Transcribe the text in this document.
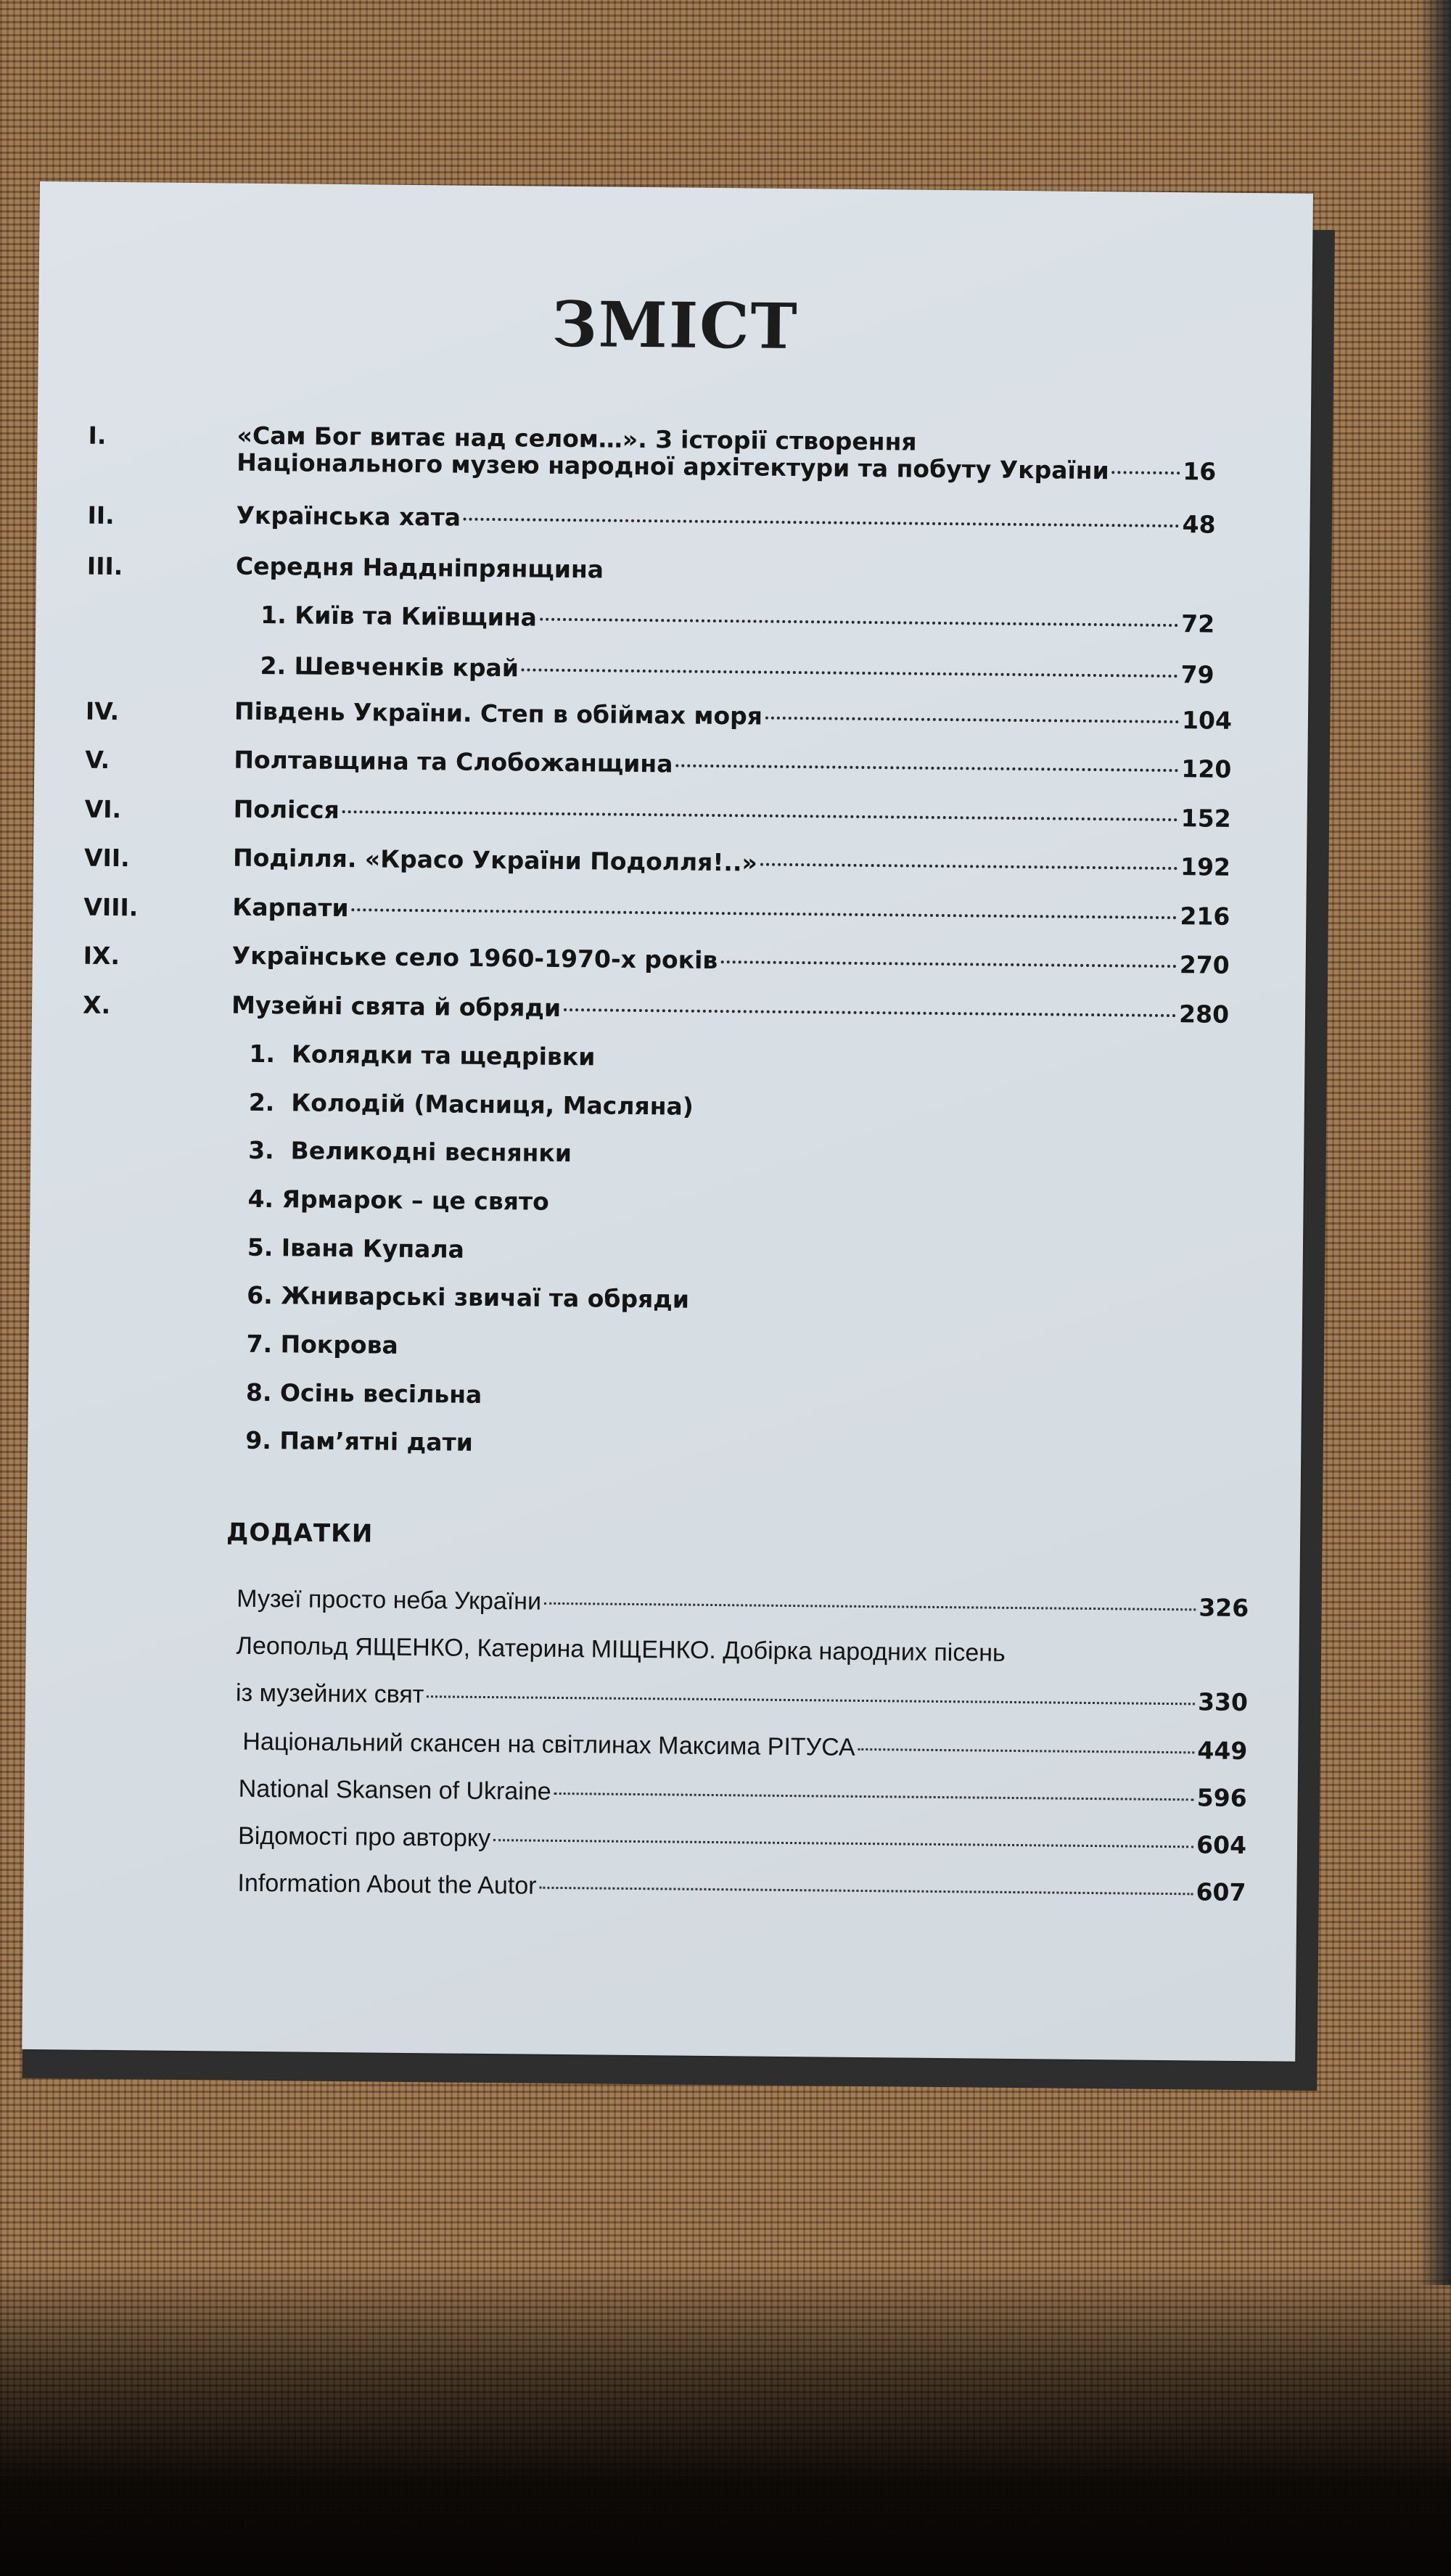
ЗМІСТ
I.	«Сам Бог витає над селом…». З історії створення
Національного музею народної архітектури та побуту України	16
II.	Українська хата	48
III.	Середня Наддніпрянщина
1. Київ та Київщина	72
2. Шевченків край	79
IV.	Південь України. Степ в обіймах моря	104
V.	Полтавщина та Слобожанщина	120
VI.	Полісся	152
VII.	Поділля. «Красо України Подолля!..»	192
VIII.	Карпати	216
IX.	Українське село 1960-1970-х років	270
X.	Музейні свята й обряди	280
1.  Колядки та щедрівки
2.  Колодій (Масниця, Масляна)
3.  Великодні веснянки
4. Ярмарок – це свято
5. Івана Купала
6. Жниварські звичаї та обряди
7. Покрова
8. Осінь весільна
9. Пам’ятні дати
ДОДАТКИ
Музеї просто неба України	326
Леопольд ЯЩЕНКО, Катерина МІЩЕНКО. Добірка народних пісень
із музейних свят	330
Національний скансен на світлинах Максима РІТУСА	449
National Skansen of Ukraine	596
Відомості про авторку	604
Information About the Autor	607
